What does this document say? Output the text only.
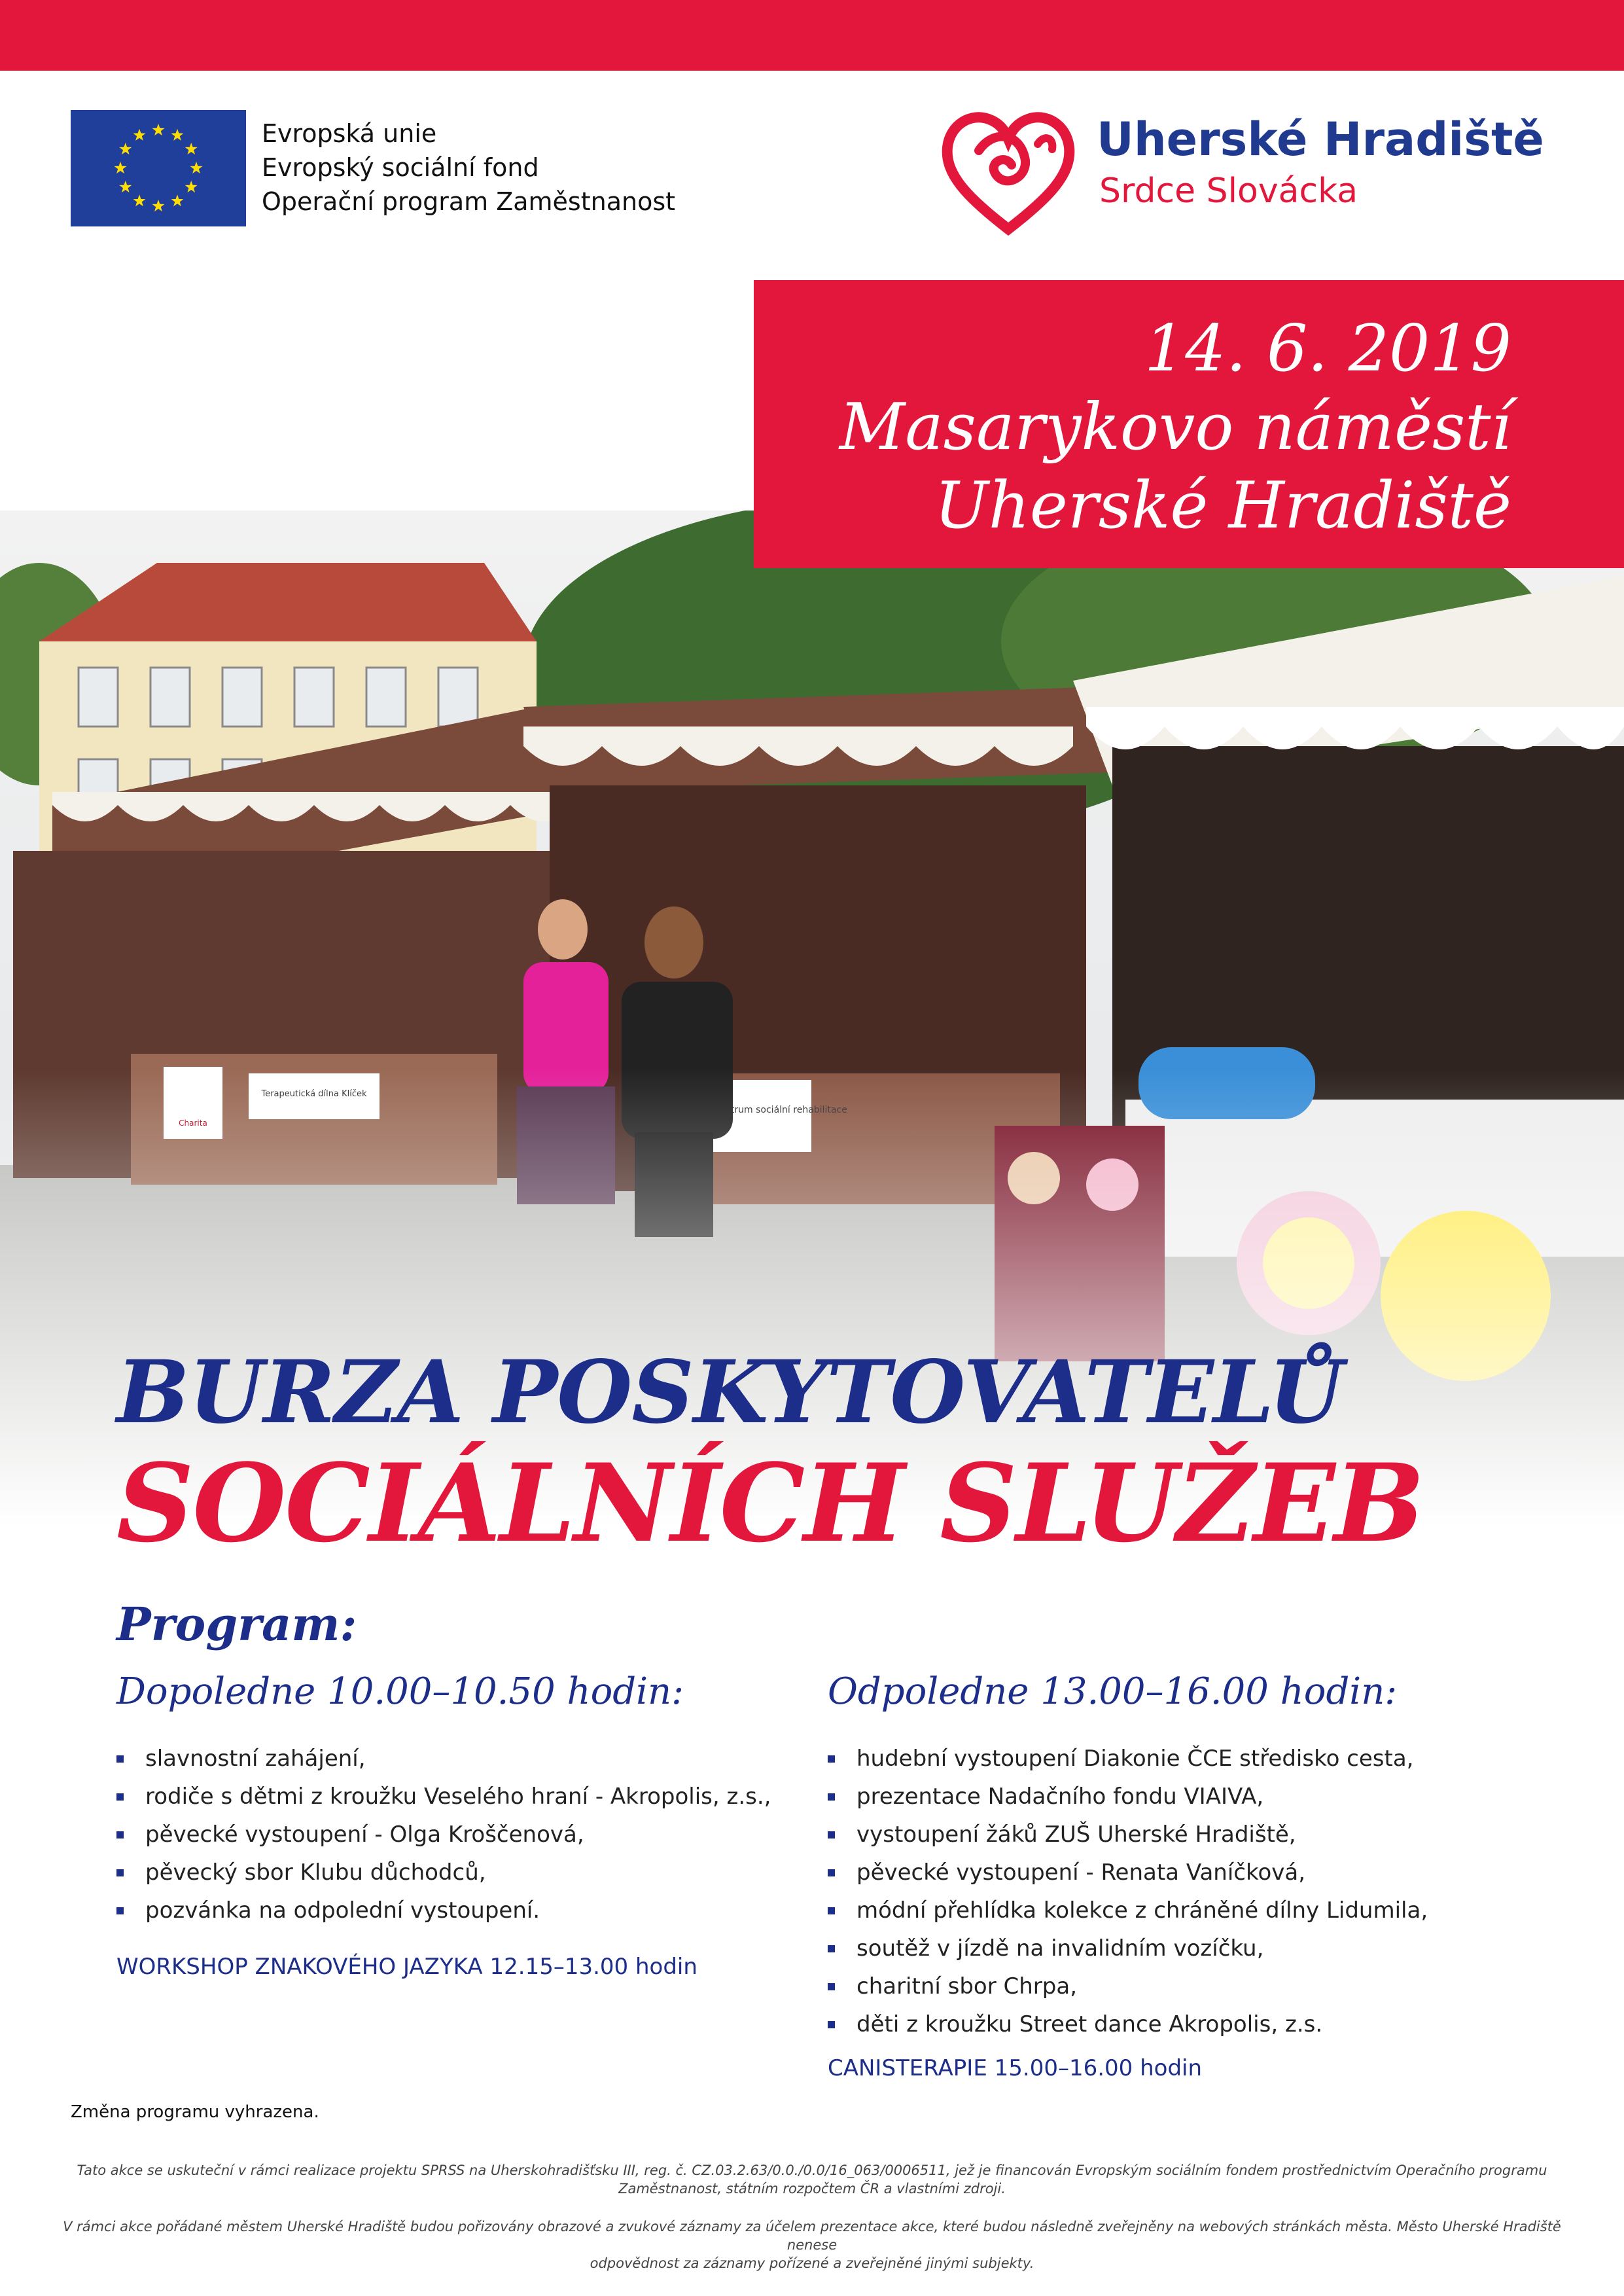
Evropská unie
Evropský sociální fond
Operační program Zaměstnanost
Uherské Hradiště
Srdce Slovácka
14. 6. 2019
Masarykovo náměstí
Uherské Hradiště
BURZA POSKYTOVATELŮ
SOCIÁLNÍCH SLUŽEB
Program:
Dopoledne 10.00–10.50 hodin:	Odpoledne 13.00–16.00 hodin:
slavnostní zahájení,
rodiče s dětmi z kroužku Veselého hraní - Akropolis, z.s.,
pěvecké vystoupení - Olga Kroščenová,
pěvecký sbor Klubu důchodců,
pozvánka na odpolední vystoupení.
hudební vystoupení Diakonie ČCE středisko cesta,
prezentace Nadačního fondu VIAIVA,
vystoupení žáků ZUŠ Uherské Hradiště,
pěvecké vystoupení - Renata Vaníčková,
módní přehlídka kolekce z chráněné dílny Lidumila,
soutěž v jízdě na invalidním vozíčku,
charitní sbor Chrpa,
děti z kroužku Street dance Akropolis, z.s.
WORKSHOP ZNAKOVÉHO JAZYKA 12.15–13.00 hodin
CANISTERAPIE 15.00–16.00 hodin
Změna programu vyhrazena.
Tato akce se uskuteční v rámci realizace projektu SPRSS na Uherskohradišťsku III, reg. č. CZ.03.2.63/0.0./0.0/16_063/0006511, jež je financován Evropským sociálním fondem prostřednictvím Operačního programu
Zaměstnanost, státním rozpočtem ČR a vlastními zdroji.
V rámci akce pořádané městem Uherské Hradiště budou pořizovány obrazové a zvukové záznamy za účelem prezentace akce, které budou následně zveřejněny na webových stránkách města. Město Uherské Hradiště nenese
odpovědnost za záznamy pořízené a zveřejněné jinými subjekty.
